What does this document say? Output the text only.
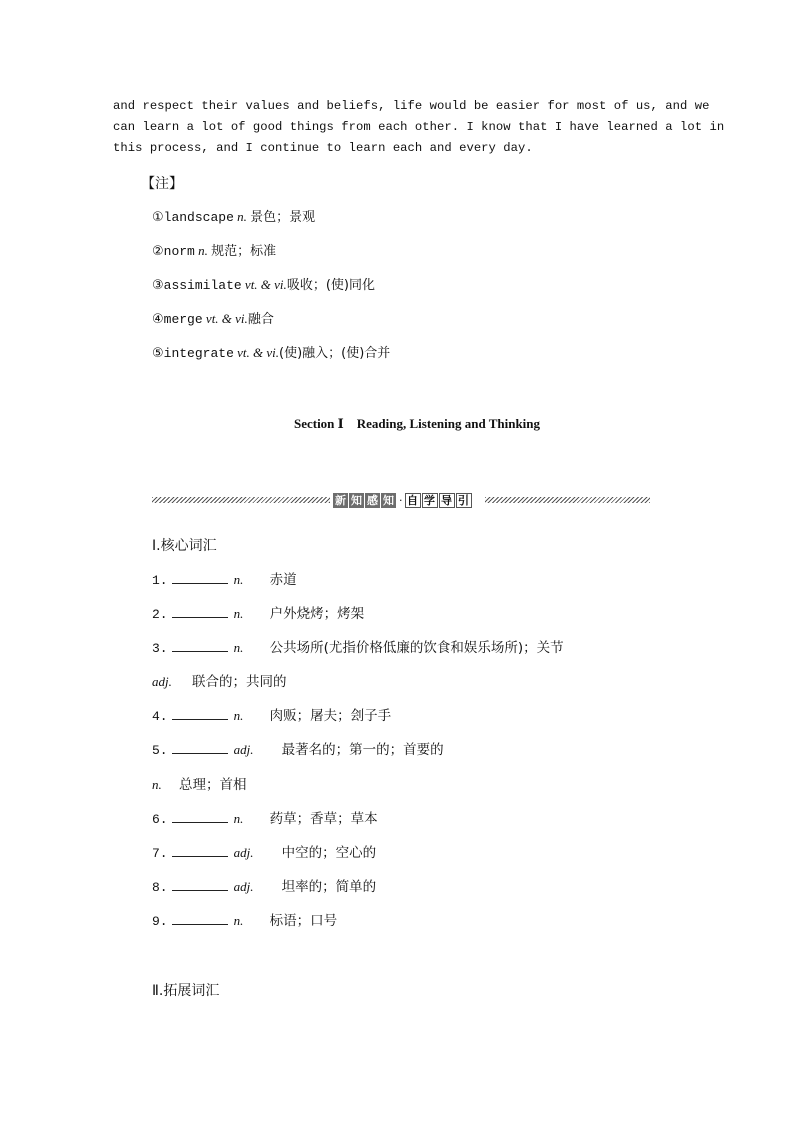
and respect their values and beliefs, life would be easier for most of us, and we
can learn a lot of good things from each other. I know that I have learned a lot in
this process, and I continue to learn each and every day.
【注】
①landscape n. 景色；景观
②norm n. 规范；标准
③assimilate vt. & vi.吸收；(使)同化
④merge vt. & vi.融合
⑤integrate vt. & vi.(使)融入；(使)合并
Section Ⅰ　Reading, Listening and Thinking
新 知 感 知 · 自 学 导 引
Ⅰ.核心词汇
1.	n. 赤道
2.	n. 户外烧烤；烤架
3.	n. 公共场所(尤指价格低廉的饮食和娱乐场所)；关节
adj. 联合的；共同的
4.	n. 肉贩；屠夫；刽子手
5.	adj. 最著名的；第一的；首要的
n. 总理；首相
6.	n. 药草；香草；草本
7.	adj. 中空的；空心的
8.	adj. 坦率的；简单的
9.	n. 标语；口号
Ⅱ.拓展词汇
